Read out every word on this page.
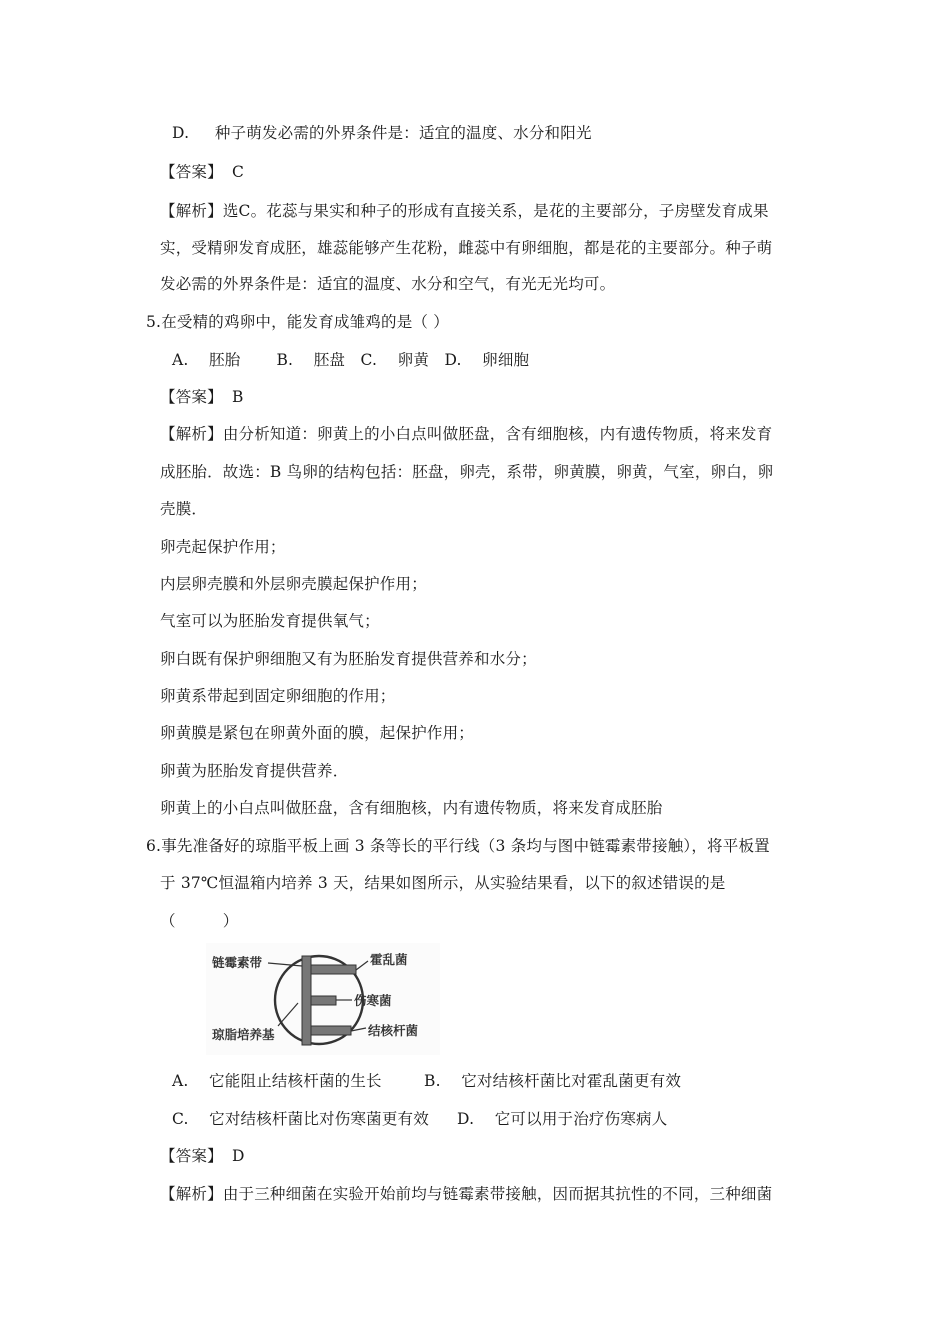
D. 种子萌发必需的外界条件是：适宜的温度、水分和阳光
【答案】 C
【解析】选C。花蕊与果实和种子的形成有直接关系，是花的主要部分，子房壁发育成果
实，受精卵发育成胚，雄蕊能够产生花粉，雌蕊中有卵细胞，都是花的主要部分。种子萌
发必需的外界条件是：适宜的温度、水分和空气，有光无光均可。
5.在受精的鸡卵中，能发育成雏鸡的是（ ）
A. 胚胎 B. 胚盘 C. 卵黄 D. 卵细胞
【答案】 B
【解析】由分析知道：卵黄上的小白点叫做胚盘，含有细胞核，内有遗传物质，将来发育
成胚胎．故选：B 鸟卵的结构包括：胚盘，卵壳，系带，卵黄膜，卵黄，气室，卵白，卵
壳膜．
卵壳起保护作用；
内层卵壳膜和外层卵壳膜起保护作用；
气室可以为胚胎发育提供氧气；
卵白既有保护卵细胞又有为胚胎发育提供营养和水分；
卵黄系带起到固定卵细胞的作用；
卵黄膜是紧包在卵黄外面的膜，起保护作用；
卵黄为胚胎发育提供营养．
卵黄上的小白点叫做胚盘，含有细胞核，内有遗传物质，将来发育成胚胎
6.事先准备好的琼脂平板上画 3 条等长的平行线（3 条均与图中链霉素带接触），将平板置
于 37℃恒温箱内培养 3 天，结果如图所示，从实验结果看，以下的叙述错误的是
（　　　）
链霉素带
琼脂培养基
霍乱菌
伤寒菌
结核杆菌
A. 它能阻止结核杆菌的生长	B. 它对结核杆菌比对霍乱菌更有效
C. 它对结核杆菌比对伤寒菌更有效 D. 它可以用于治疗伤寒病人
【答案】 D
【解析】由于三种细菌在实验开始前均与链霉素带接触，因而据其抗性的不同，三种细菌
